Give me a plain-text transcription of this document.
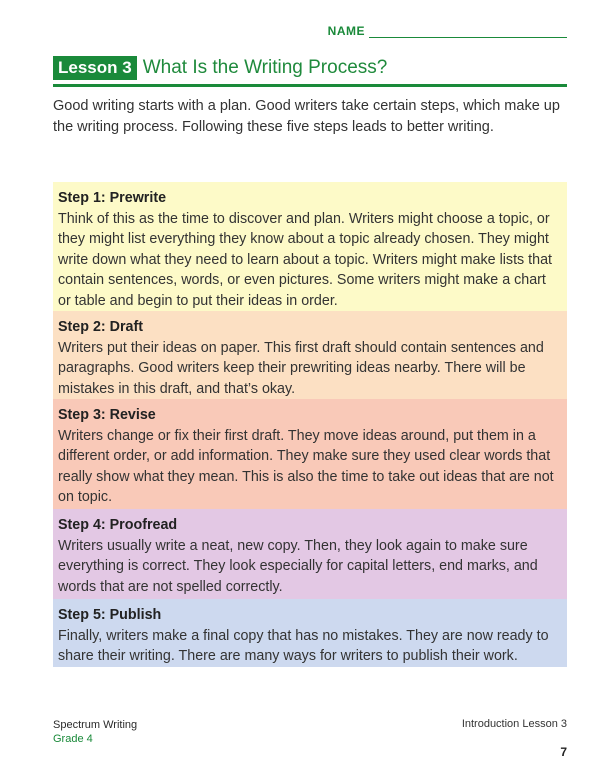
NAME
Lesson 3 What Is the Writing Process?
Good writing starts with a plan. Good writers take certain steps, which make up the writing process. Following these five steps leads to better writing.
Step 1: Prewrite
Think of this as the time to discover and plan. Writers might choose a topic, or they might list everything they know about a topic already chosen. They might write down what they need to learn about a topic. Writers might make lists that contain sentences, words, or even pictures. Some writers might make a chart or table and begin to put their ideas in order.
Step 2: Draft
Writers put their ideas on paper. This first draft should contain sentences and paragraphs. Good writers keep their prewriting ideas nearby. There will be mistakes in this draft, and that’s okay.
Step 3: Revise
Writers change or fix their first draft. They move ideas around, put them in a different order, or add information. They make sure they used clear words that really show what they mean. This is also the time to take out ideas that are not on topic.
Step 4: Proofread
Writers usually write a neat, new copy. Then, they look again to make sure everything is correct. They look especially for capital letters, end marks, and words that are not spelled correctly.
Step 5: Publish
Finally, writers make a final copy that has no mistakes. They are now ready to share their writing. There are many ways for writers to publish their work.
Spectrum Writing
Grade 4
Introduction Lesson 3
7
